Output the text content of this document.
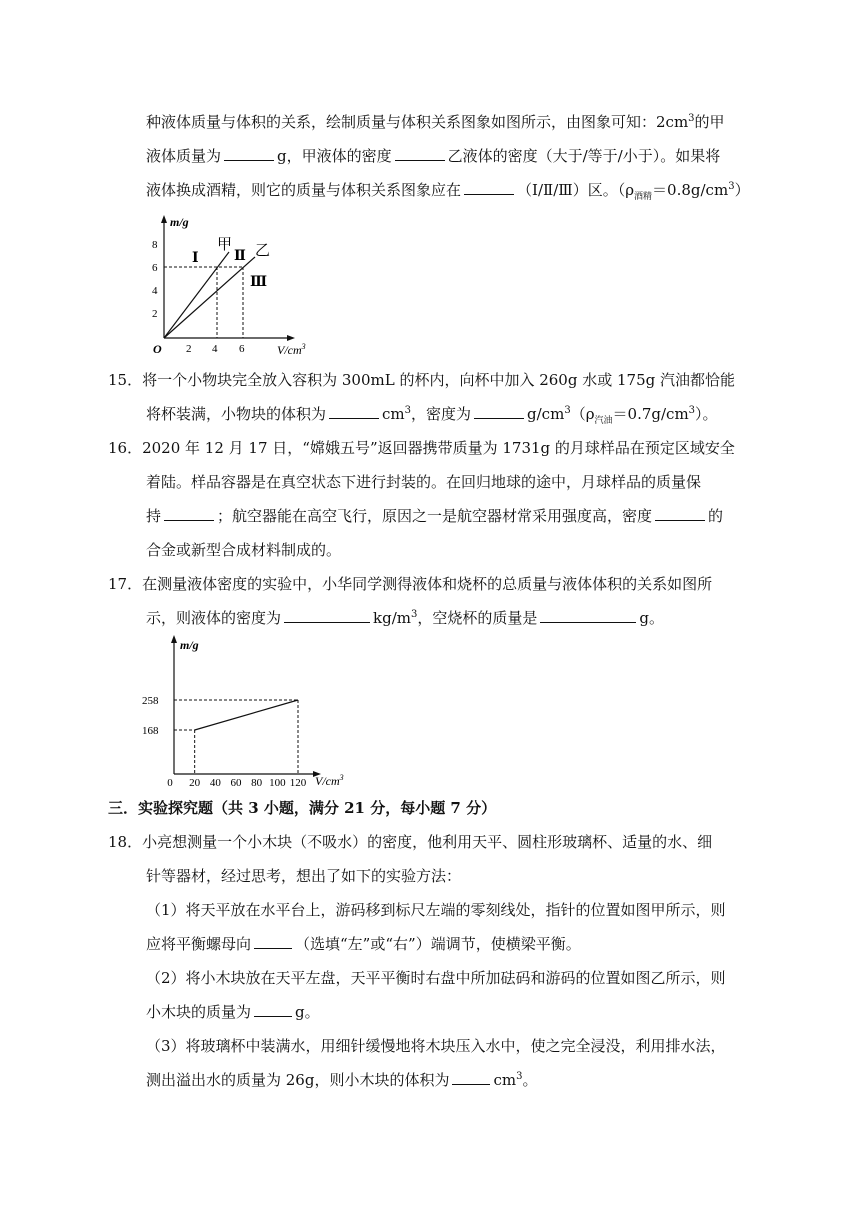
种液体质量与体积的关系，绘制质量与体积关系图象如图所示，由图象可知：$2cm^3$的甲
液体质量为	g，甲液体的密度	乙液体的密度（大于/等于/小于）。如果将
液体换成酒精，则它的质量与体积关系图象应在	（Ⅰ/Ⅱ/Ⅲ）区。$(\rho_{酒精}=0.8g/cm^3)$
m/g
$V/cm^3$
O
8
6
4
2
2 4 6
甲 乙
Ⅰ	Ⅱ
Ⅲ
15．将一个小物块完全放入容积为 300mL 的杯内，向杯中加入 260g 水或 175g 汽油都恰能
将杯装满，小物块的体积为	$cm^3$，密度为	$g/cm^3(\rho_{汽油}=0.7g/cm^3)$。
16．2020 年 12 月 17 日，“嫦娥五号”返回器携带质量为 1731g 的月球样品在预定区域安全
着陆。样品容器是在真空状态下进行封装的。在回归地球的途中，月球样品的质量保
持	；航空器能在高空飞行，原因之一是航空器材常采用强度高，密度	的
合金或新型合成材料制成的。
17．在测量液体密度的实验中，小华同学测得液体和烧杯的总质量与液体体积的关系如图所
示，则液体的密度为	$kg/m^3$，空烧杯的质量是	g。
m/g
$V/cm^3$
168
258
0 20 40 60 80 100 120
三．实验探究题（共 3 小题，满分 21 分，每小题 7 分）
18．小亮想测量一个小木块（不吸水）的密度，他利用天平、圆柱形玻璃杯、适量的水、细
针等器材，经过思考，想出了如下的实验方法：
（1）将天平放在水平台上，游码移到标尺左端的零刻线处，指针的位置如图甲所示，则
应将平衡螺母向	（选填“左”或“右”）端调节，使横梁平衡。
（2）将小木块放在天平左盘，天平平衡时右盘中所加砝码和游码的位置如图乙所示，则
小木块的质量为	g。
（3）将玻璃杯中装满水，用细针缓慢地将木块压入水中，使之完全浸没，利用排水法，
测出溢出水的质量为 26g，则小木块的体积为	$cm^3$。
